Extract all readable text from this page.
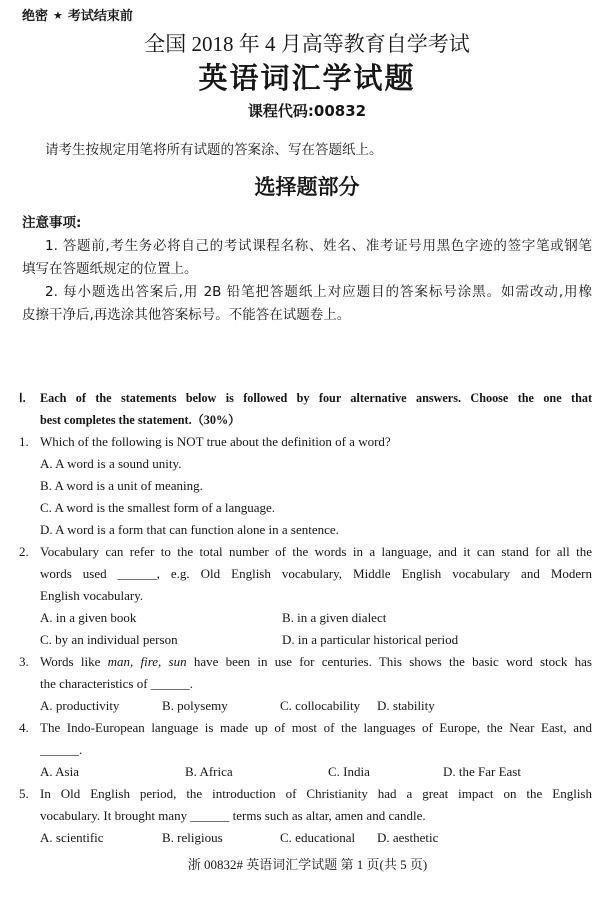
绝密 ★ 考试结束前
全国 2018 年 4 月高等教育自学考试
英语词汇学试题
课程代码:00832
请考生按规定用笔将所有试题的答案涂、写在答题纸上。
选择题部分
注意事项:
1. 答题前,考生务必将自己的考试课程名称、姓名、准考证号用黑色字迹的签字笔或钢笔
填写在答题纸规定的位置上。
2. 每小题选出答案后,用 2B 铅笔把答题纸上对应题目的答案标号涂黑。如需改动,用橡
皮擦干净后,再选涂其他答案标号。不能答在试题卷上。
Ⅰ. Each of the statements below is followed by four alternative answers. Choose the one that
best completes the statement.（30%）
1. Which of the following is NOT true about the definition of a word?
A. A word is a sound unity.
B. A word is a unit of meaning.
C. A word is the smallest form of a language.
D. A word is a form that can function alone in a sentence.
2. Vocabulary can refer to the total number of the words in a language, and it can stand for all the
words used ______, e.g. Old English vocabulary, Middle English vocabulary and Modern
English vocabulary.
A. in a given book	B. in a given dialect
C. by an individual person	D. in a particular historical period
3. Words like man, fire, sun have been in use for centuries. This shows the basic word stock has
the characteristics of ______.
A. productivity	B. polysemy	C. collocability D. stability
4. The Indo-European language is made up of most of the languages of Europe, the Near East, and
______.
A. Asia	B. Africa	C. India	D. the Far East
5. In Old English period, the introduction of Christianity had a great impact on the English
vocabulary. It brought many ______ terms such as altar, amen and candle.
A. scientific	B. religious	C. educational D. aesthetic
浙 00832# 英语词汇学试题 第 1 页(共 5 页)
